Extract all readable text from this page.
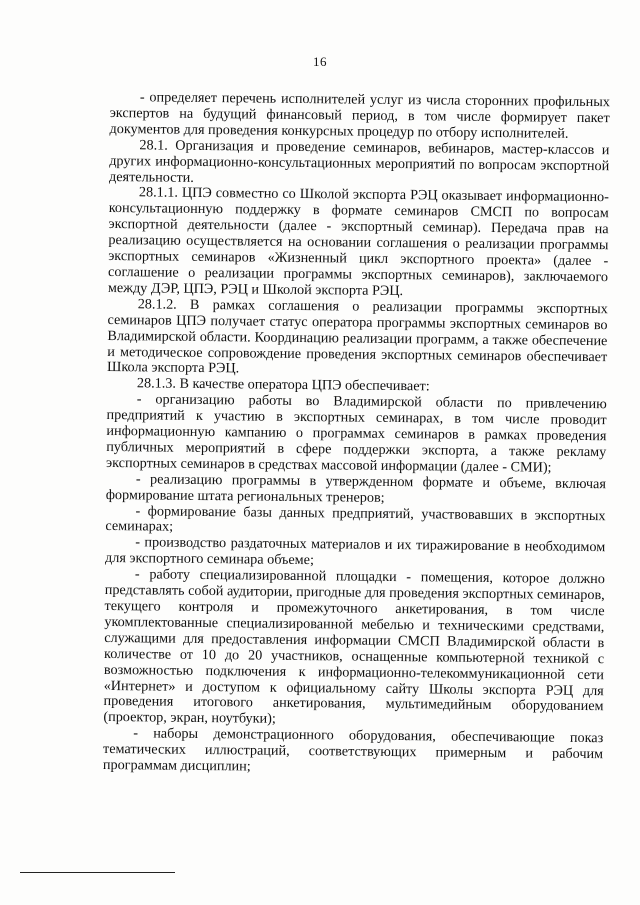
16

- определяет перечень исполнителей услуг из числа сторонних профильных экспертов на будущий финансовый период, в том числе формирует пакет документов для проведения конкурсных процедур по отбору исполнителей.

28.1. Организация и проведение семинаров, вебинаров, мастер-классов и других информационно-консультационных мероприятий по вопросам экспортной деятельности.

28.1.1. ЦПЭ совместно со Школой экспорта РЭЦ оказывает информационно-консультационную поддержку в формате семинаров СМСП по вопросам экспортной деятельности (далее - экспортный семинар). Передача прав на реализацию осуществляется на основании соглашения о реализации программы экспортных семинаров «Жизненный цикл экспортного проекта» (далее - соглашение о реализации программы экспортных семинаров), заключаемого между ДЭР, ЦПЭ, РЭЦ и Школой экспорта РЭЦ.

28.1.2. В рамках соглашения о реализации программы экспортных семинаров ЦПЭ получает статус оператора программы экспортных семинаров во Владимирской области. Координацию реализации программ, а также обеспечение и методическое сопровождение проведения экспортных семинаров обеспечивает Школа экспорта РЭЦ.

28.1.3. В качестве оператора ЦПЭ обеспечивает:

- организацию работы во Владимирской области по привлечению предприятий к участию в экспортных семинарах, в том числе проводит информационную кампанию о программах семинаров в рамках проведения публичных мероприятий в сфере поддержки экспорта, а также рекламу экспортных семинаров в средствах массовой информации (далее - СМИ);

- реализацию программы в утвержденном формате и объеме, включая формирование штата региональных тренеров;

- формирование базы данных предприятий, участвовавших в экспортных семинарах;

- производство раздаточных материалов и их тиражирование в необходимом для экспортного семинара объеме;

- работу специализированной площадки - помещения, которое должно представлять собой аудитории, пригодные для проведения экспортных семинаров, текущего контроля и промежуточного анкетирования, в том числе укомплектованные специализированной мебелью и техническими средствами, служащими для предоставления информации СМСП Владимирской области в количестве от 10 до 20 участников, оснащенные компьютерной техникой с возможностью подключения к информационно-телекоммуникационной сети «Интернет» и доступом к официальному сайту Школы экспорта РЭЦ для проведения итогового анкетирования, мультимедийным оборудованием (проектор, экран, ноутбуки);

- наборы демонстрационного оборудования, обеспечивающие показ тематических иллюстраций, соответствующих примерным и рабочим программам дисциплин;
